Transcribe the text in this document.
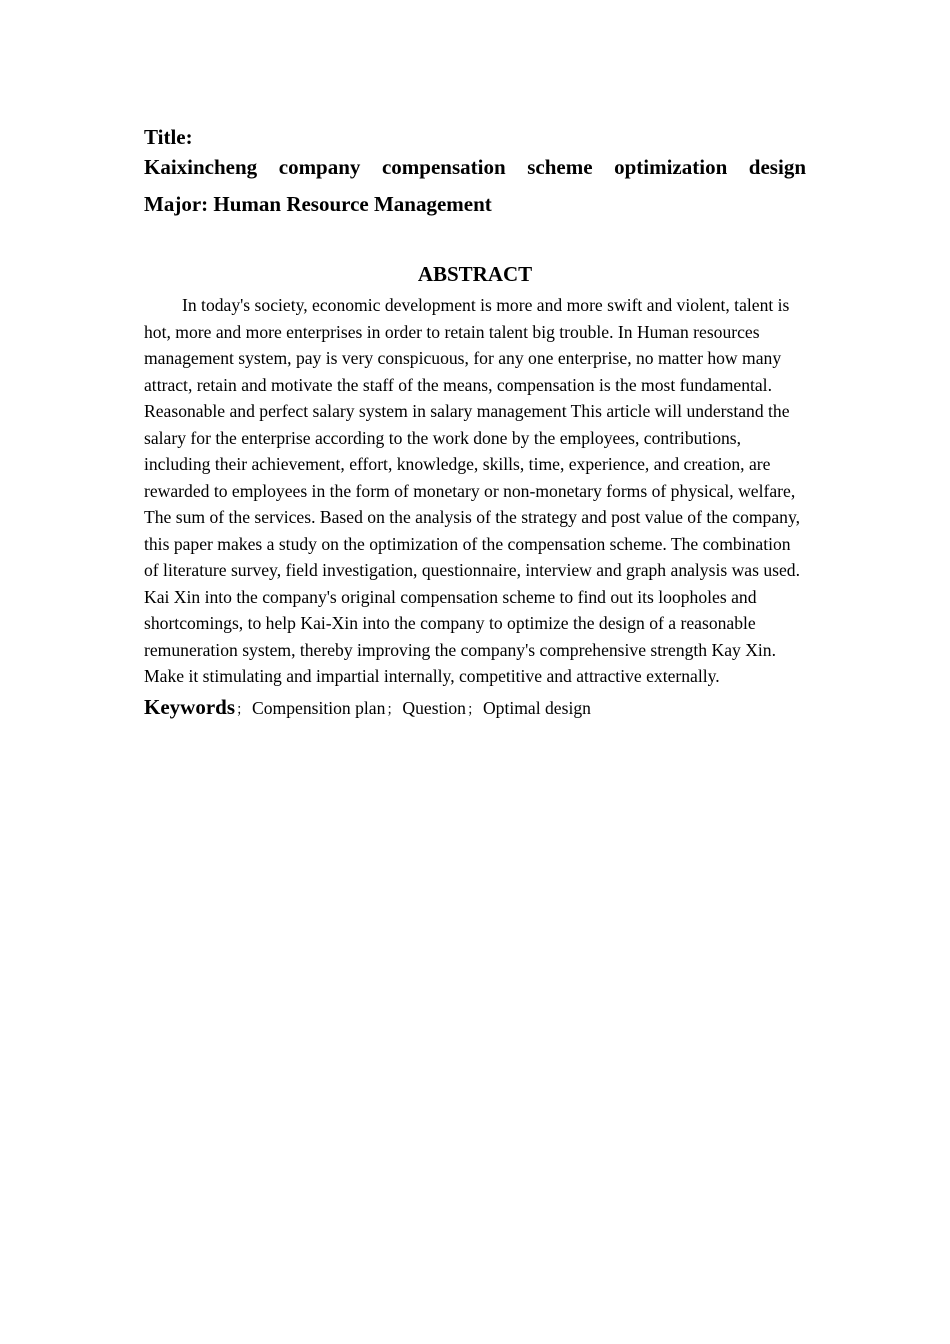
Title:

Kaixincheng company compensation scheme optimization design

Major: Human Resource Management

ABSTRACT

In today's society, economic development is more and more swift and violent, talent is hot, more and more enterprises in order to retain talent big trouble. In Human resources management system, pay is very conspicuous, for any one enterprise, no matter how many attract, retain and motivate the staff of the means, compensation is the most fundamental. Reasonable and perfect salary system in salary management This article will understand the salary for the enterprise according to the work done by the employees, contributions, including their achievement, effort, knowledge, skills, time, experience, and creation, are rewarded to employees in the form of monetary or non-monetary forms of physical, welfare, The sum of the services. Based on the analysis of the strategy and post value of the company, this paper makes a study on the optimization of the compensation scheme. The combination of literature survey, field investigation, questionnaire, interview and graph analysis was used. Kai Xin into the company's original compensation scheme to find out its loopholes and shortcomings, to help Kai-Xin into the company to optimize the design of a reasonable remuneration system, thereby improving the company's comprehensive strength Kay Xin. Make it stimulating and impartial internally, competitive and attractive externally.

Keywords； Compensition plan； Question； Optimal design
